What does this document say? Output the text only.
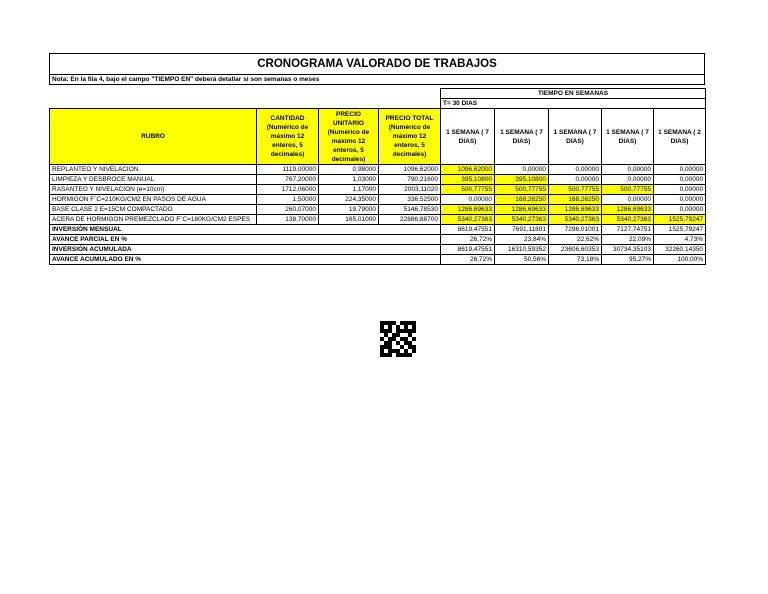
CRONOGRAMA VALORADO DE TRABAJOS
Nota: En la fila 4, bajo el campo "TIEMPO EN" deberá detallar si son semanas o meses
				TIEMPO EN SEMANAS				
				T= 30 DIAS				
RUBRO	CANTIDAD (Numérico de máximo 12 enteros, 5 decimales)	PRECIO UNITARIO (Numérico de máximo 12 enteros, 5 decimales)	PRECIO TOTAL (Numérico de máximo 12 enteros, 5 decimales)	1 SEMANA ( 7 DIAS)	1 SEMANA ( 7 DIAS)	1 SEMANA ( 7 DIAS)	1 SEMANA ( 7 DIAS)	1 SEMANA ( 2 DIAS)
REPLANTEO Y NIVELACION	1119,00000	0,98000	1096,62000	1096,62000	0,00000	0,00000	0,00000	0,00000
LIMPIEZA Y DESBROCE MANUAL	767,20000	1,03000	790,21600	395,10800	395,10800	0,00000	0,00000	0,00000
RASANTEO Y NIVELACION (e=10cm)	1712,06000	1,17000	2003,11020	500,77755	500,77755	500,77755	500,77755	0,00000
HORMIGON F´C=210KG/CM2 EN PASOS DE AGUA	1,50000	224,35000	336,52500	0,00000	168,26250	168,26250	0,00000	0,00000
BASE CLASE 2 E=15CM COMPACTADO	260,07000	19,79000	5146,78530	1286,69633	1286,69633	1286,69633	1286,69633	0,00000
ACERA DE HORMIGON PREMEZCLADO F´C=180KG/CM2 ESPES	138,70000	165,01000	22886,88700	5340,27363	5340,27363	5340,27363	5340,27363	1525,79247
INVERSIÓN MENSUAL				8619,47551	7691,11801	7296,01001	7127,74751	1525,79247
AVANCE PARCIAL EN %				26,72%	23,84%	22,62%	22,09%	4,73%
INVERSIÓN ACUMULADA				8619,47551	16310,59352	23606,60353	30734,35103	32260,14350
AVANCE ACUMULADO EN %				26,72%	50,56%	73,18%	95,27%	100,00%
